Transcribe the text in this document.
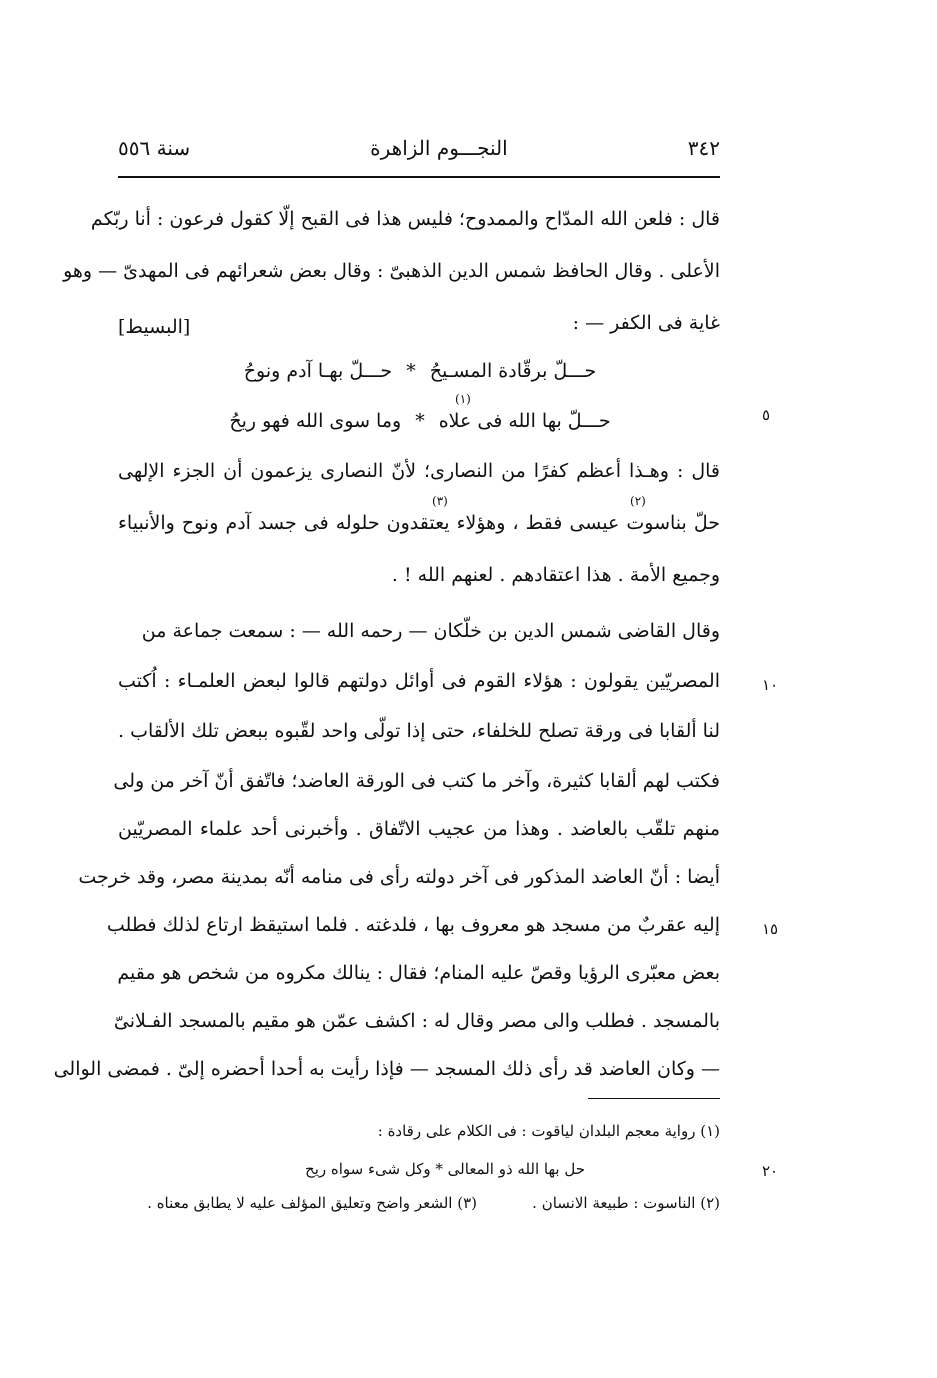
٣٤٢
النجـــوم الزاهرة
سنة ٥٥٦
قال : فلعن الله المدّاح والممدوح؛ فليس هذا فى القبح إلّا كقول فرعون : أنا ربّكم
الأعلى . وقال الحافظ شمس الدين الذهبىّ : وقال بعض شعرائهم فى المهدىّ — وهو
غاية فى الكفر — :
[البسيط]
حـــلّ برقّادة المسـيحُ
*
حـــلّ بهـا آدم ونوحُ
حـــلّ بها الله فى علاه
*
وما سوى الله فهو ريحُ
(١)
قال : وهـذا أعظم كفرًا من النصارى؛ لأنّ النصارى يزعمون أن الجزء الإلهى
حلّ بناسوت عيسى فقط ، وهؤلاء يعتقدون حلوله فى جسد آدم ونوح والأنبياء
وجميع الأمة . هذا اعتقادهم . لعنهم الله ! .
(٢)
(٣)
وقال القاضى شمس الدين بن خلّكان — رحمه الله — : سمعت جماعة من
المصريّين يقولون : هؤلاء القوم فى أوائل دولتهم قالوا لبعض العلمـاء : اُكتب
لنا ألقابا فى ورقة تصلح للخلفاء، حتى إذا تولّى واحد لقّبوه ببعض تلك الألقاب .
فكتب لهم ألقابا كثيرة، وآخر ما كتب فى الورقة العاضد؛ فاتّفق أنّ آخر من ولى
منهم تلقّب بالعاضد . وهذا من عجيب الاتّفاق . وأخبرنى أحد علماء المصريّين
أيضا : أنّ العاضد المذكور فى آخر دولته رأى فى منامه أنّه بمدينة مصر، وقد خرجت
إليه عقربٌ من مسجد هو معروف بها ، فلدغته . فلما استيقظ ارتاع لذلك فطلب
بعض معبّرى الرؤيا وقصّ عليه المنام؛ فقال : ينالك مكروه من شخص هو مقيم
بالمسجد . فطلب والى مصر وقال له : اكشف عمّن هو مقيم بالمسجد الفـلانىّ
— وكان العاضد قد رأى ذلك المسجد — فإذا رأيت به أحدا أحضره إلىّ . فمضى الوالى
٥
١٠
١٥
٢٠
(١) رواية معجم البلدان لياقوت : فى الكلام على رقادة :
حل بها الله ذو المعالى * وكل شىء سواه ريح
(٢) الناسوت : طبيعة الانسان .
(٣) الشعر واضح وتعليق المؤلف عليه لا يطابق معناه .
